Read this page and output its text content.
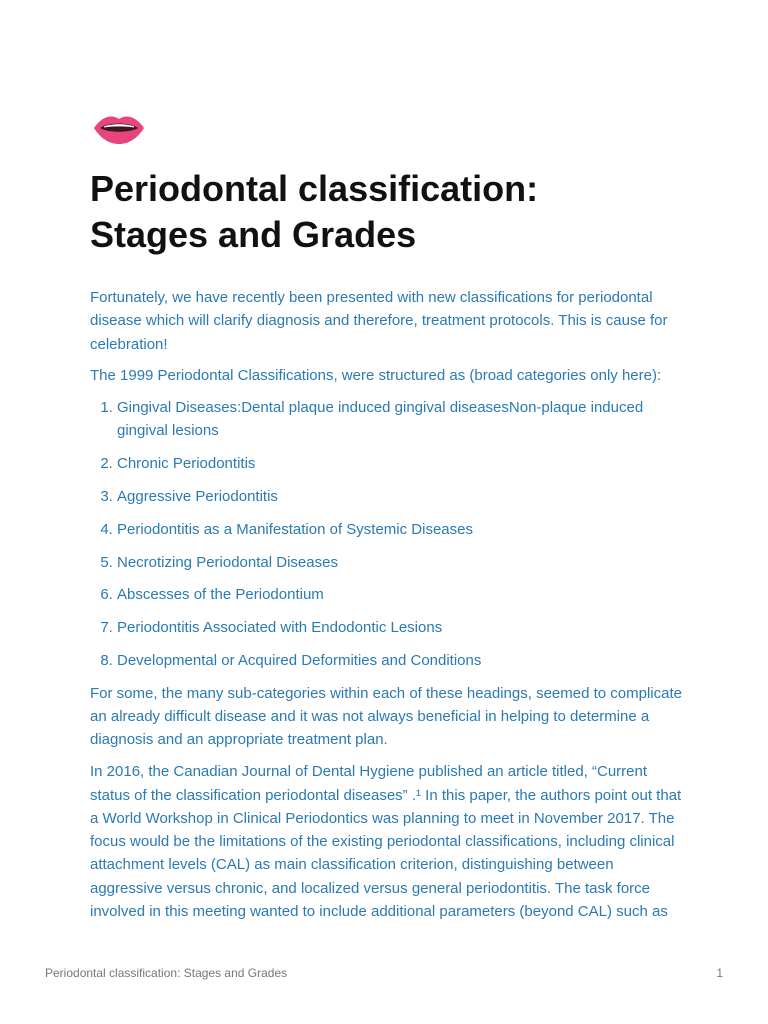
Periodontal classification:
Stages and Grades

Fortunately, we have recently been presented with new classifications for periodontal disease which will clarify diagnosis and therefore, treatment protocols. This is cause for celebration!

The 1999 Periodontal Classifications, were structured as (broad categories only here):

1. Gingival Diseases:Dental plaque induced gingival diseasesNon-plaque induced gingival lesions
2. Chronic Periodontitis
3. Aggressive Periodontitis
4. Periodontitis as a Manifestation of Systemic Diseases
5. Necrotizing Periodontal Diseases
6. Abscesses of the Periodontium
7. Periodontitis Associated with Endodontic Lesions
8. Developmental or Acquired Deformities and Conditions

For some, the many sub-categories within each of these headings, seemed to complicate an already difficult disease and it was not always beneficial in helping to determine a diagnosis and an appropriate treatment plan.

In 2016, the Canadian Journal of Dental Hygiene published an article titled, “Current status of the classification periodontal diseases” .¹ In this paper, the authors point out that a World Workshop in Clinical Periodontics was planning to meet in November 2017. The focus would be the limitations of the existing periodontal classifications, including clinical attachment levels (CAL) as main classification criterion, distinguishing between aggressive versus chronic, and localized versus general periodontitis. The task force involved in this meeting wanted to include additional parameters (beyond CAL) such as

Periodontal classification: Stages and Grades	1
